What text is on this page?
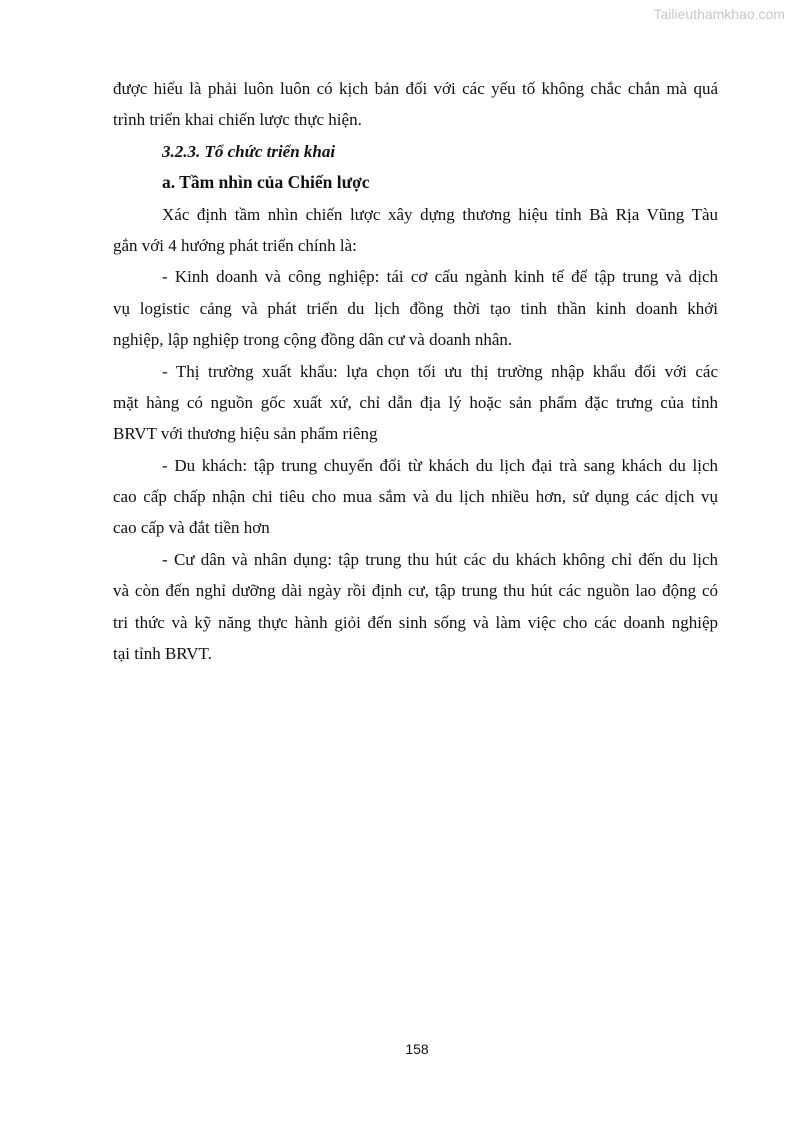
Tailieuthamkhao.com
được hiểu là phải luôn luôn có kịch bản đối với các yếu tố không chắc chắn mà quá
trình triển khai chiến lược thực hiện.
3.2.3. Tổ chức triển khai
a. Tầm nhìn của Chiến lược
Xác định tầm nhìn chiến lược xây dựng thương hiệu tỉnh Bà Rịa Vũng Tàu
gắn với 4 hướng phát triển chính là:
- Kinh doanh và công nghiệp: tái cơ cấu ngành kinh tế để tập trung và dịch
vụ logistic cảng và phát triển du lịch đồng thời tạo tinh thần kinh doanh khởi
nghiệp, lập nghiệp trong cộng đồng dân cư và doanh nhân.
- Thị trường xuất khẩu: lựa chọn tối ưu thị trường nhập khẩu đối với các
mặt hàng có nguồn gốc xuất xứ, chỉ dẫn địa lý hoặc sản phẩm đặc trưng của tỉnh
BRVT với thương hiệu sản phẩm riêng
- Du khách: tập trung chuyển đổi từ khách du lịch đại trà sang khách du lịch
cao cấp chấp nhận chi tiêu cho mua sắm và du lịch nhiều hơn, sử dụng các dịch vụ
cao cấp và đắt tiền hơn
- Cư dân và nhân dụng: tập trung thu hút các du khách không chỉ đến du lịch
và còn đến nghỉ dưỡng dài ngày rồi định cư, tập trung thu hút các nguồn lao động có
tri thức và kỹ năng thực hành giỏi đến sinh sống và làm việc cho các doanh nghiệp
tại tỉnh BRVT.
158
